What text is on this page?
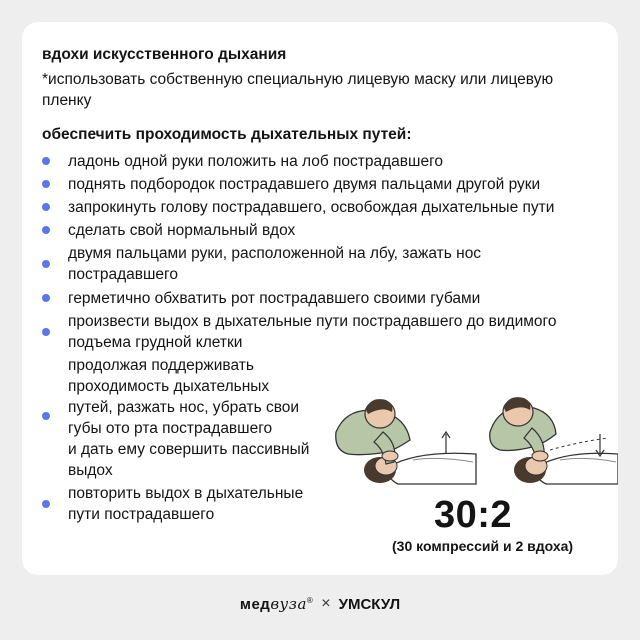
вдохи искусственного дыхания
*использовать собственную специальную лицевую маску или лицевую пленку
обеспечить проходимость дыхательных путей:
ладонь одной руки положить на лоб пострадавшего
поднять подбородок пострадавшего двумя пальцами другой руки
запрокинуть голову пострадавшего, освобождая дыхательные пути
сделать свой нормальный вдох
двумя пальцами руки, расположенной на лбу, зажать нос
пострадавшего
герметично обхватить рот пострадавшего своими губами
произвести выдох в дыхательные пути пострадавшего до видимого
подъема грудной клетки
продолжая поддерживать
проходимость дыхательных
путей, разжать нос, убрать свои
губы ото рта пострадавшего
и дать ему совершить пассивный
выдох
повторить выдох в дыхательные
пути пострадавшего	30:2
(30 компрессий и 2 вдоха)
медвуза® × УМСКУЛ
